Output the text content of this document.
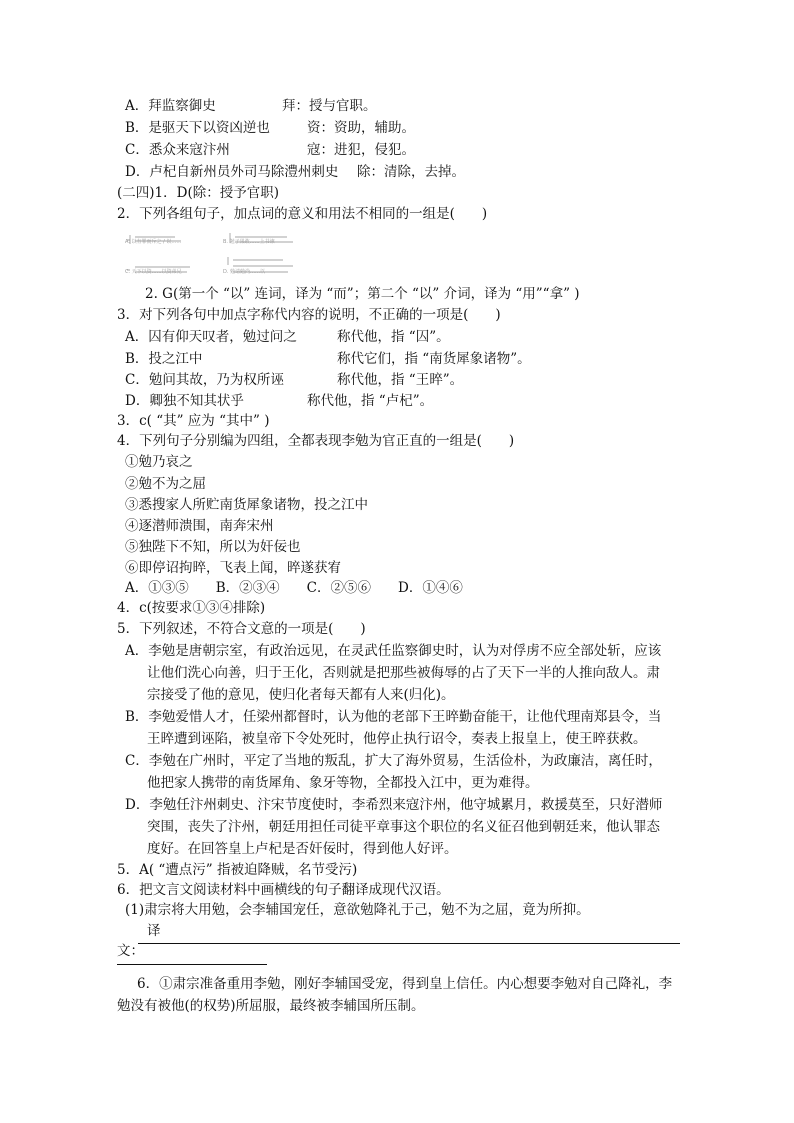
A．拜监察御史	拜：授与官职。
B．是驱天下以资凶逆也	资：资助，辅助。
C．悉众来寇汴州	寇：进犯，侵犯。
D．卢杞自新州员外司马除澧州刺史 除：清除，去掉。
(二四)1．D(除：授予官职)
2．下列各组句子，加点词的意义和用法不相同的一组是(　　)
A. 以有罪而斥之 / 以……	B. 勉子果敢……上书谏
C. 天下以资……以资弟兄	D. 勉请勉尚……以
2. G(第一个 “以” 连词，译为 “而”；第二个 “以” 介词，译为 “用”“拿” )
3．对下列各句中加点字称代内容的说明，不正确的一项是(　　)
A．囚有仰天叹者，勉过问之	称代他，指 “囚”。
B．投之江中	称代它们，指 “南货犀象诸物”。
C．勉问其故，乃为权所诬	称代他，指 “王晬”。
D．卿独不知其状乎	称代他，指 “卢杞”。
3．c( “其” 应为 “其中” )
4．下列句子分别编为四组，全都表现李勉为官正直的一组是(　　)
①勉乃哀之
②勉不为之屈
③悉搜家人所贮南货犀象诸物，投之江中
④逐潜师溃围，南奔宋州
⑤独陛下不知，所以为奸佞也
⑥即停诏拘晬，飞表上闻，晬遂获宥
A．①③⑤　　B．②③④　　C．②⑤⑥　　D．①④⑥
4．c(按要求①③④排除)
5．下列叙述，不符合文意的一项是(　　)
A．李勉是唐朝宗室，有政治远见，在灵武任监察御史时，认为对俘虏不应全部处斩，应该
让他们洗心向善，归于王化，否则就是把那些被侮辱的占了天下一半的人推向敌人。肃
宗接受了他的意见，使归化者每天都有人来(归化)。
B．李勉爱惜人才，任梁州都督时，认为他的老部下王晬勤奋能干，让他代理南郑县令，当
王晬遭到诬陷，被皇帝下令处死时，他停止执行诏令，奏表上报皇上，使王晬获救。
C．李勉在广州时，平定了当地的叛乱，扩大了海外贸易，生活俭朴，为政廉洁，离任时，
他把家人携带的南货犀角、象牙等物，全都投入江中，更为难得。
D．李勉任汴州刺史、汴宋节度使时，李希烈来寇汴州，他守城累月，救援莫至，只好潜师
突围，丧失了汴州，朝廷用担任司徒平章事这个职位的名义征召他到朝廷来，他认罪态
度好。在回答皇上卢杞是否奸佞时，得到他人好评。
5．A( “遭点污” 指被迫降贼，名节受污)
6．把文言文阅读材料中画横线的句子翻译成现代汉语。
(1)肃宗将大用勉，会李辅国宠任，意欲勉降礼于己，勉不为之屈，竟为所抑。
译
文：
6．①肃宗准备重用李勉，刚好李辅国受宠，得到皇上信任。内心想要李勉对自己降礼，李
勉没有被他(的权势)所屈服，最终被李辅国所压制。
